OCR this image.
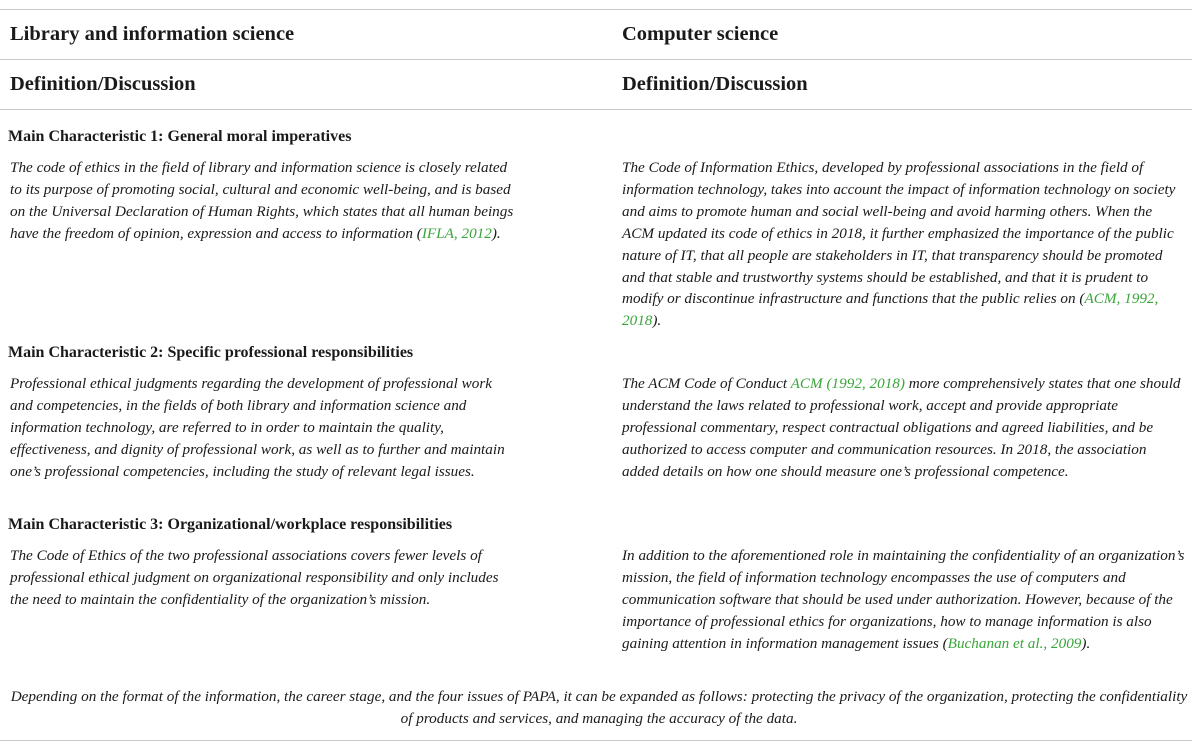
Library and information science	Computer science
Definition/Discussion	Definition/Discussion
Main Characteristic 1: General moral imperatives
The code of ethics in the field of library and information science is closely related to its purpose of promoting social, cultural and economic well-being, and is based on the Universal Declaration of Human Rights, which states that all human beings have the freedom of opinion, expression and access to information (IFLA, 2012).
The Code of Information Ethics, developed by professional associations in the field of information technology, takes into account the impact of information technology on society and aims to promote human and social well-being and avoid harming others. When the ACM updated its code of ethics in 2018, it further emphasized the importance of the public nature of IT, that all people are stakeholders in IT, that transparency should be promoted and that stable and trustworthy systems should be established, and that it is prudent to modify or discontinue infrastructure and functions that the public relies on (ACM, 1992, 2018).
Main Characteristic 2: Specific professional responsibilities
Professional ethical judgments regarding the development of professional work and competencies, in the fields of both library and information science and information technology, are referred to in order to maintain the quality, effectiveness, and dignity of professional work, as well as to further and maintain one’s professional competencies, including the study of relevant legal issues.
The ACM Code of Conduct ACM (1992, 2018) more comprehensively states that one should understand the laws related to professional work, accept and provide appropriate professional commentary, respect contractual obligations and agreed liabilities, and be authorized to access computer and communication resources. In 2018, the association added details on how one should measure one’s professional competence.
Main Characteristic 3: Organizational/workplace responsibilities
The Code of Ethics of the two professional associations covers fewer levels of professional ethical judgment on organizational responsibility and only includes the need to maintain the confidentiality of the organization’s mission.
In addition to the aforementioned role in maintaining the confidentiality of an organization’s mission, the field of information technology encompasses the use of computers and communication software that should be used under authorization. However, because of the importance of professional ethics for organizations, how to manage information is also gaining attention in information management issues (Buchanan et al., 2009).
Depending on the format of the information, the career stage, and the four issues of PAPA, it can be expanded as follows: protecting the privacy of the organization, protecting the confidentiality of products and services, and managing the accuracy of the data.
